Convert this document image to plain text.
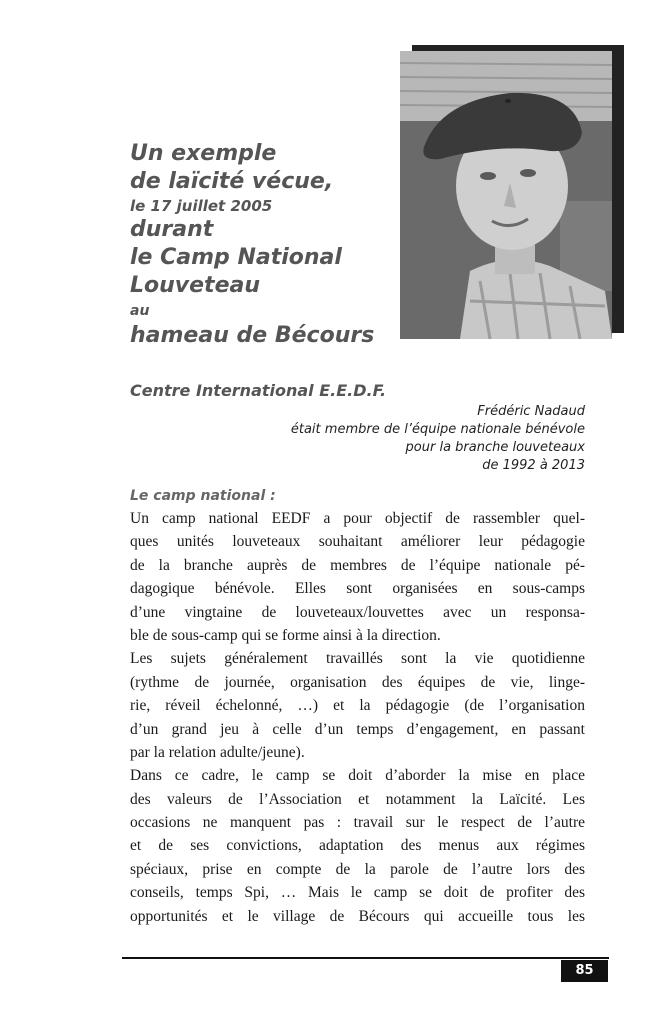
Un exemple
de laïcité vécue,
le 17 juillet 2005
durant
le Camp National
Louveteau
au
hameau de Bécours
Centre International E.E.D.F.
Frédéric Nadaud
était membre de l’équipe nationale bénévole
pour la branche louveteaux
de 1992 à 2013
Le camp national :
Un camp national EEDF a pour objectif de rassembler quel-
ques unités louveteaux souhaitant améliorer leur pédagogie
de la branche auprès de membres de l’équipe nationale pé-
dagogique bénévole. Elles sont organisées en sous-camps
d’une vingtaine de louveteaux/louvettes avec un responsa-
ble de sous-camp qui se forme ainsi à la direction.
Les sujets généralement travaillés sont la vie quotidienne
(rythme de journée, organisation des équipes de vie, linge-
rie, réveil échelonné, …) et la pédagogie (de l’organisation
d’un grand jeu à celle d’un temps d’engagement, en passant
par la relation adulte/jeune).
Dans ce cadre, le camp se doit d’aborder la mise en place
des valeurs de l’Association et notamment la Laïcité. Les
occasions ne manquent pas : travail sur le respect de l’autre
et de ses convictions, adaptation des menus aux régimes
spéciaux, prise en compte de la parole de l’autre lors des
conseils, temps Spi, … Mais le camp se doit de profiter des
opportunités et le village de Bécours qui accueille tous les
85
